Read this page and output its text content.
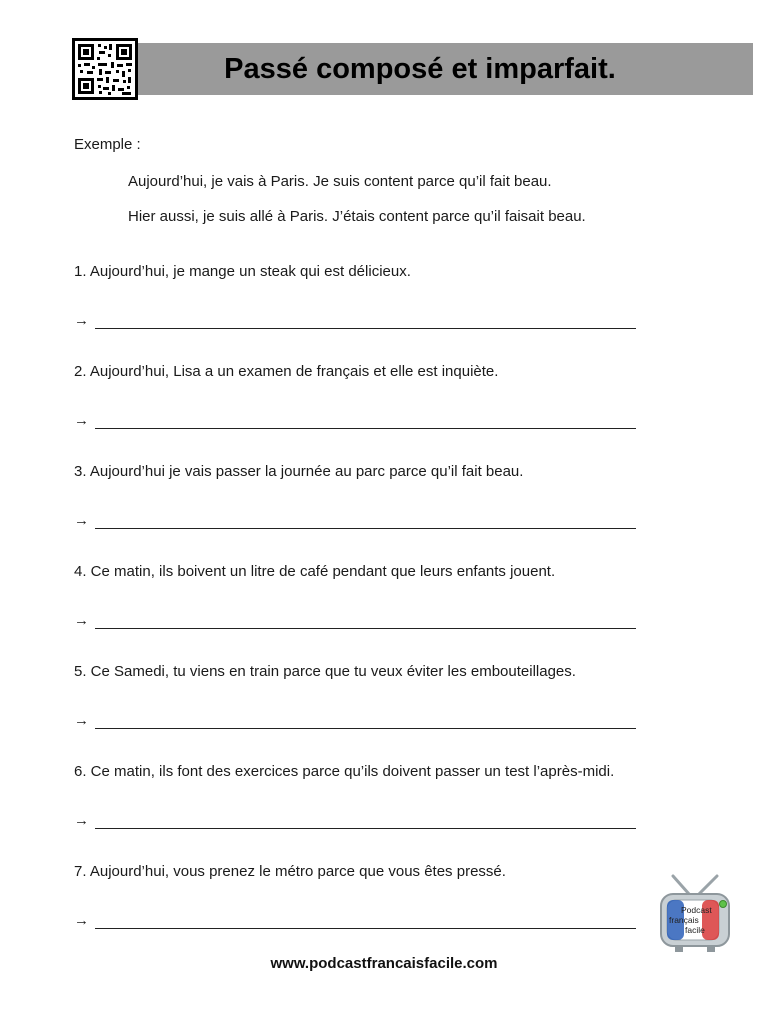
Passé composé et imparfait.
Exemple :
Aujourd’hui, je vais à Paris. Je suis content parce qu’il fait beau.
Hier aussi, je suis allé à Paris. J’étais content parce qu’il faisait beau.
1. Aujourd’hui, je mange un steak qui est délicieux.
→
2. Aujourd’hui, Lisa a un examen de français et elle est inquiète.
→
3. Aujourd’hui je vais passer la journée au parc parce qu’il fait beau.
→
4. Ce matin, ils boivent un litre de café pendant que leurs enfants jouent.
→
5. Ce Samedi, tu viens en train parce que tu veux éviter les embouteillages.
→
6. Ce matin, ils font des exercices parce qu’ils doivent passer un test l’après-midi.
→
7. Aujourd’hui, vous prenez le métro parce que vous êtes pressé.
→
www.podcastfrancaisfacile.com
Podcast
français
facile
